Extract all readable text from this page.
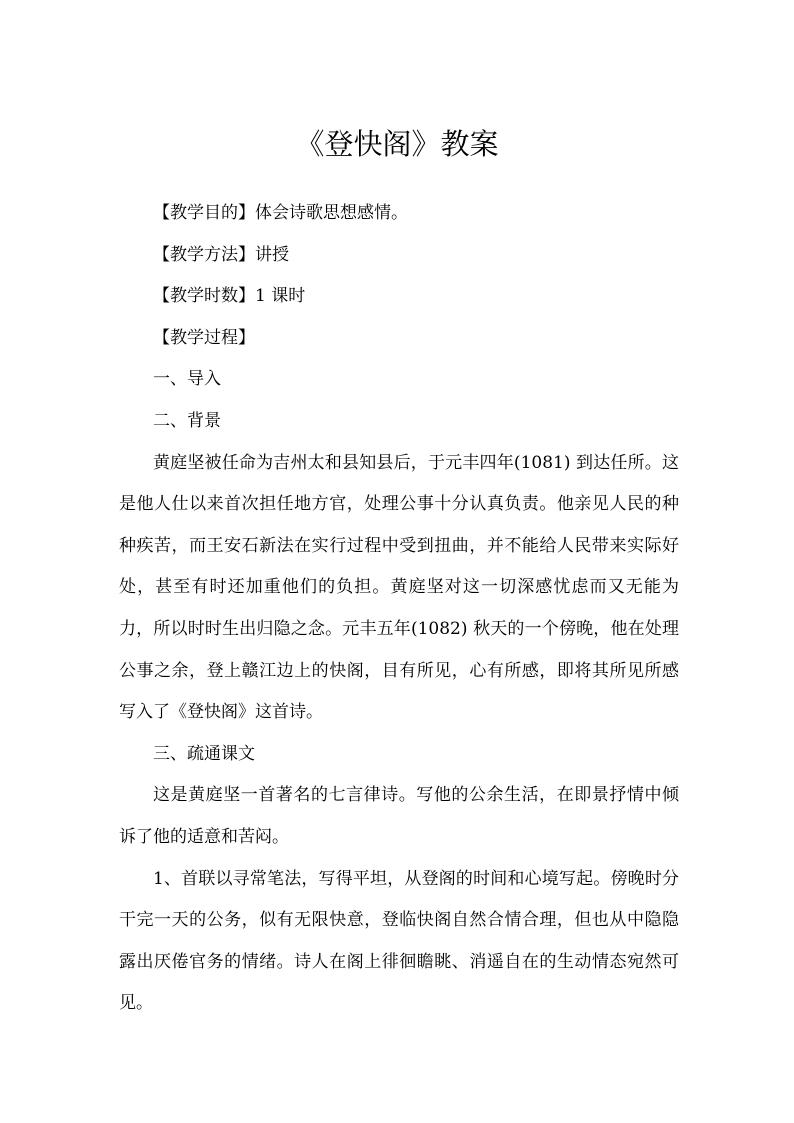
《登快阁》教案

【教学目的】体会诗歌思想感情。

【教学方法】讲授

【教学时数】1 课时

【教学过程】

一、导入

二、背景

黄庭坚被任命为吉州太和县知县后，于元丰四年(1081) 到达任所。这是他人仕以来首次担任地方官，处理公事十分认真负责。他亲见人民的种种疾苦，而王安石新法在实行过程中受到扭曲，并不能给人民带来实际好处，甚至有时还加重他们的负担。黄庭坚对这一切深感忧虑而又无能为力，所以时时生出归隐之念。元丰五年(1082) 秋天的一个傍晚，他在处理公事之余，登上赣江边上的快阁，目有所见，心有所感，即将其所见所感写入了《登快阁》这首诗。

三、疏通课文

这是黄庭坚一首著名的七言律诗。写他的公余生活，在即景抒情中倾诉了他的适意和苦闷。

1、首联以寻常笔法，写得平坦，从登阁的时间和心境写起。傍晚时分干完一天的公务，似有无限快意，登临快阁自然合情合理，但也从中隐隐露出厌倦官务的情绪。诗人在阁上徘徊瞻眺、消遥自在的生动情态宛然可见。
